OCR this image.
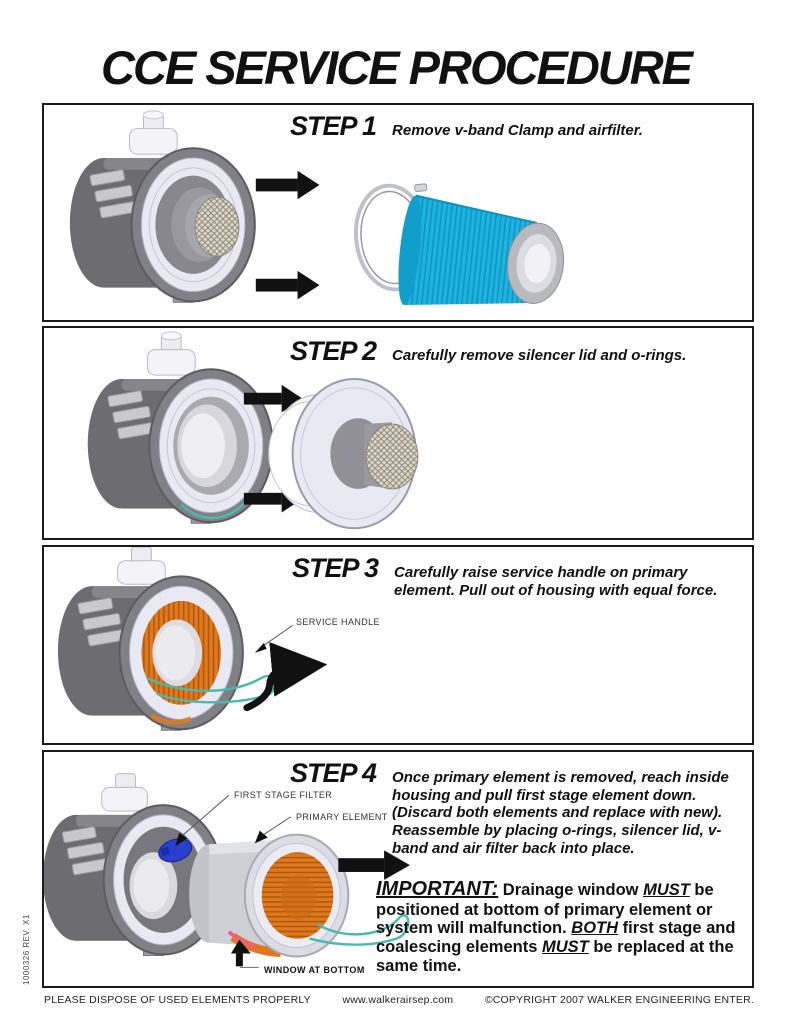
1000326 REV. X1
CCE SERVICE PROCEDURE
STEP 1 Remove v-band Clamp and airfilter.
STEP 2 Carefully remove silencer lid and o-rings.
STEP 3 Carefully raise service handle on primary element. Pull out of housing with equal force.
SERVICE HANDLE
STEP 4 Once primary element is removed, reach inside housing and pull first stage element down. (Discard both elements and replace with new). Reassemble by placing o-rings, silencer lid, v-band and air filter back into place.
FIRST STAGE FILTER
PRIMARY ELEMENT
WINDOW AT BOTTOM
IMPORTANT: Drainage window MUST be positioned at bottom of primary element or system will malfunction. BOTH first stage and coalescing elements MUST be replaced at the same time.
PLEASE DISPOSE OF USED ELEMENTS PROPERLY	www.walkerairsep.com	©COPYRIGHT 2007 WALKER ENGINEERING ENTER.
